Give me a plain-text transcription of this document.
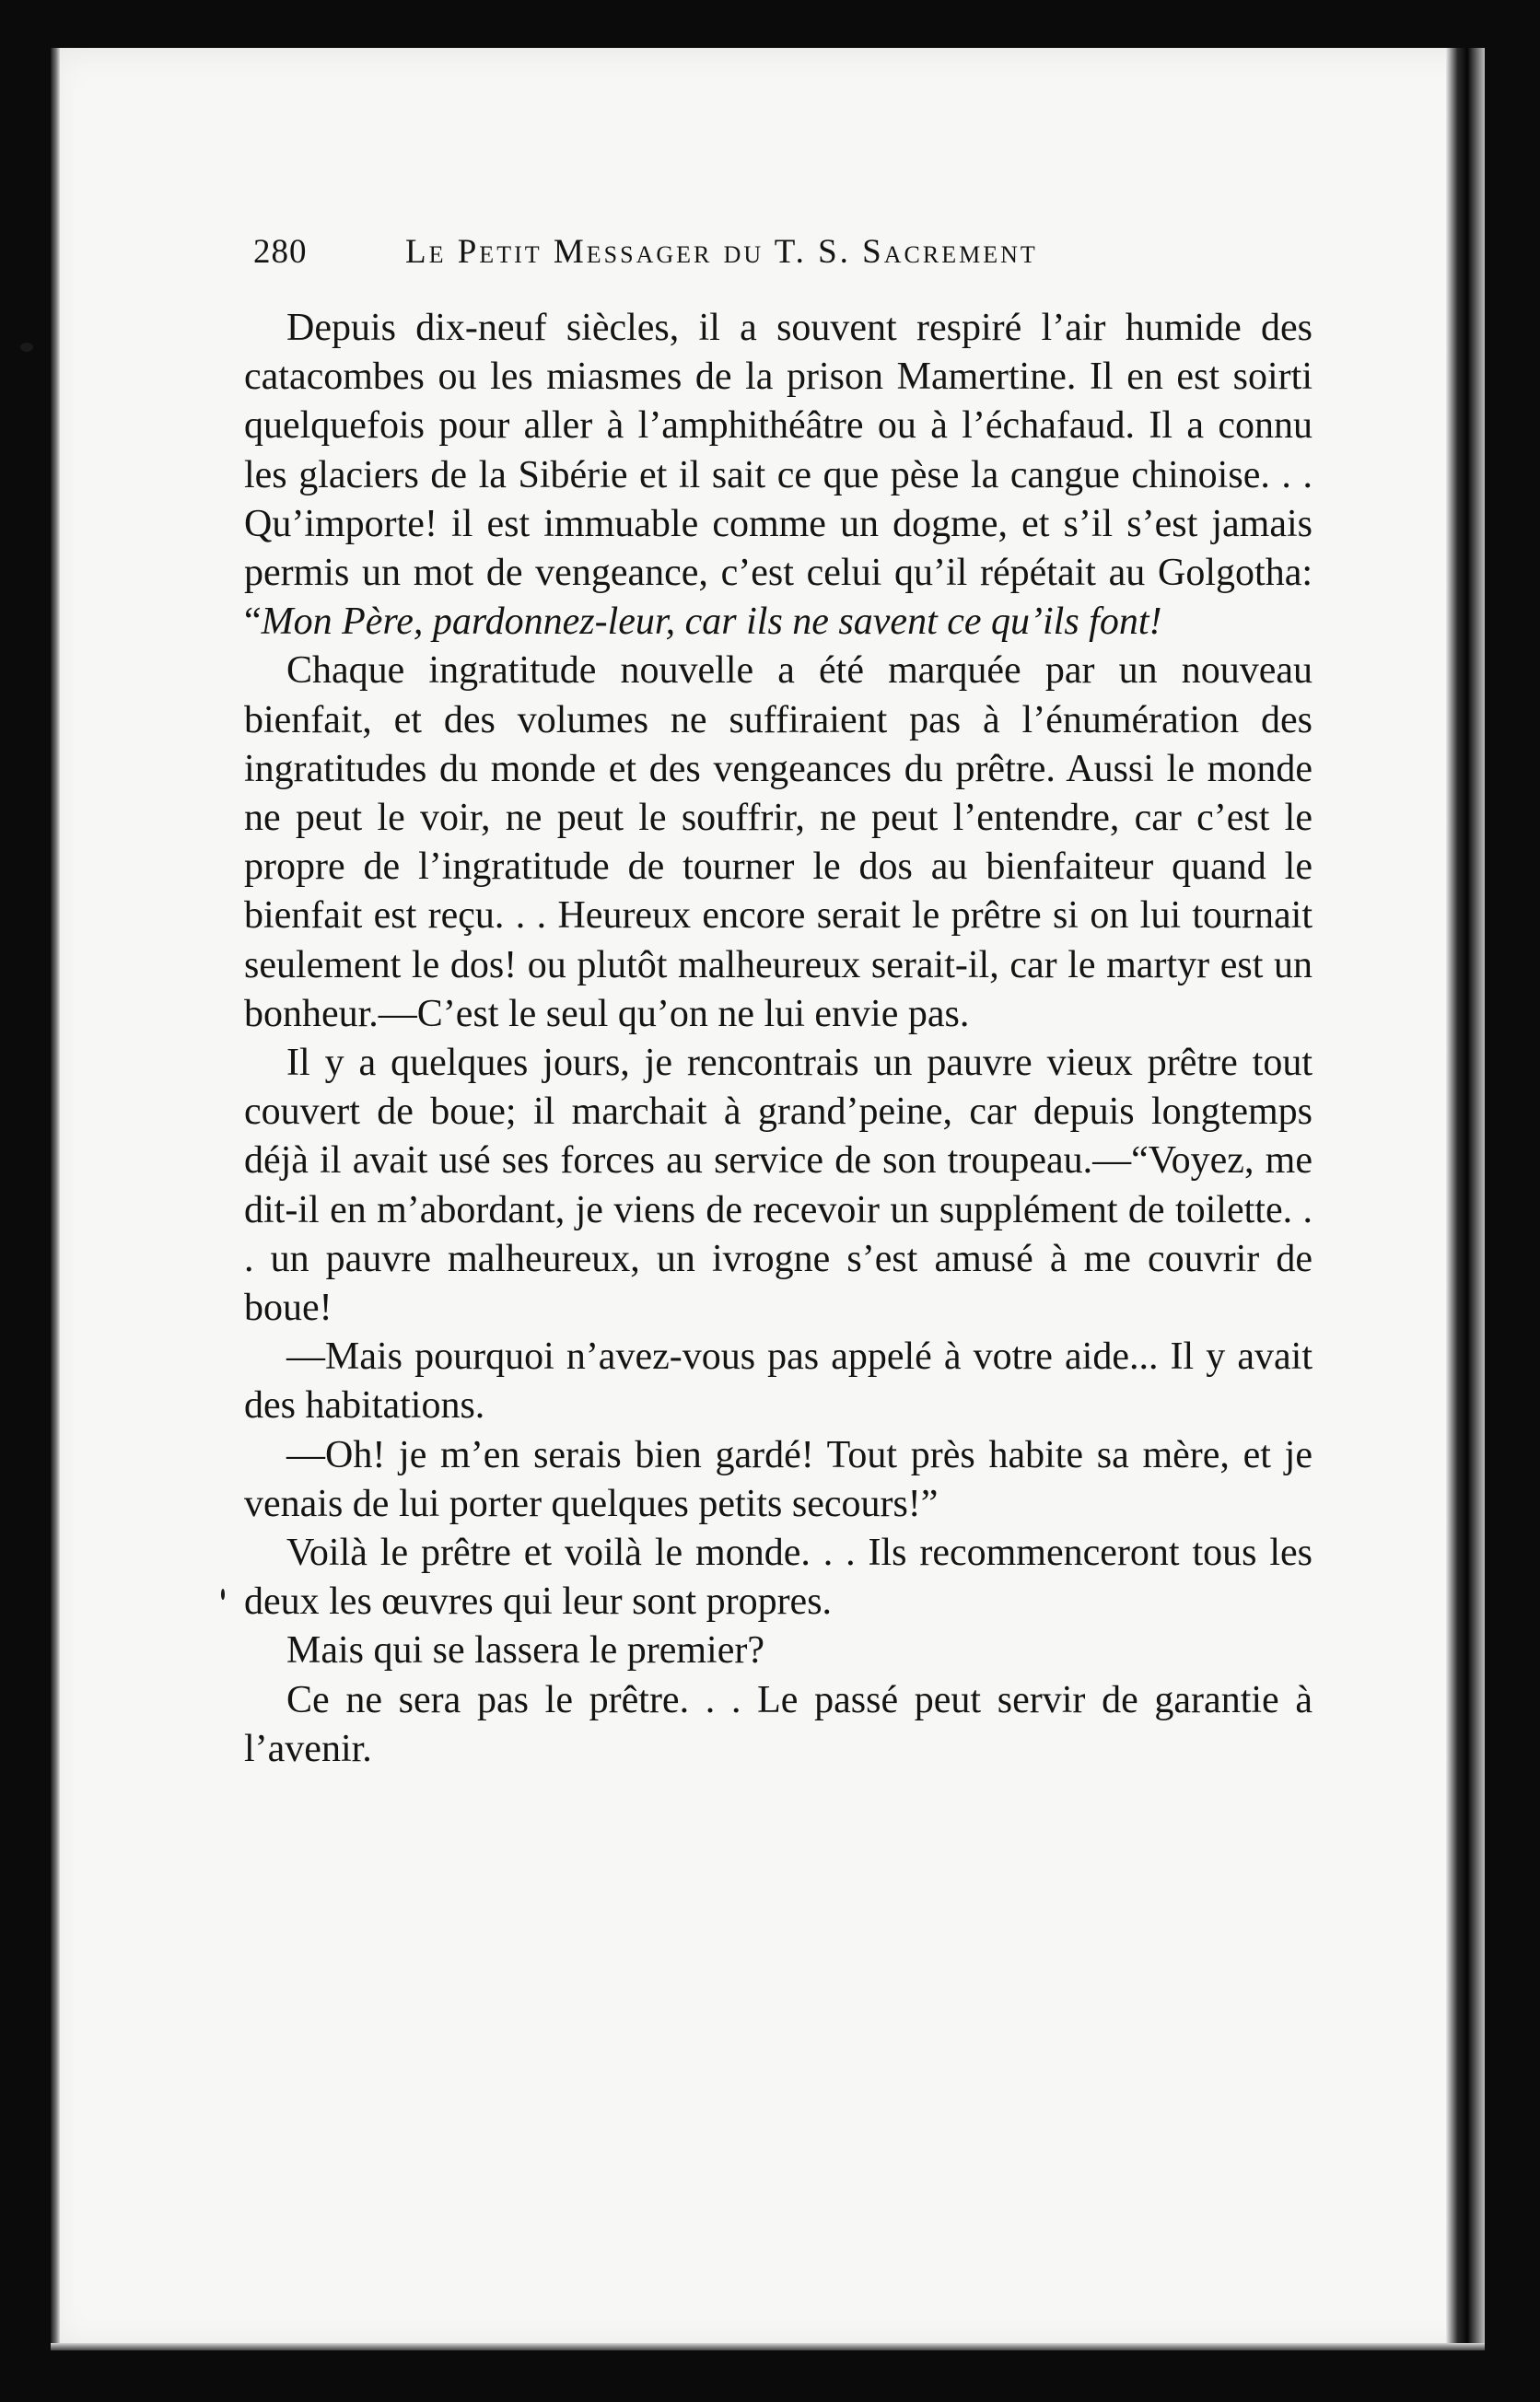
280	Le Petit Messager du T. S. Sacrement

Depuis dix-neuf siècles, il a souvent respiré l’air humide des catacombes ou les miasmes de la prison Mamertine. Il en est soirti quelquefois pour aller à l’amphithéâtre ou à l’échafaud. Il a connu les glaciers de la Sibérie et il sait ce que pèse la cangue chinoise. . . Qu’importe! il est immuable comme un dogme, et s’il s’est jamais permis un mot de vengeance, c’est celui qu’il répétait au Golgotha: “Mon Père, pardonnez-leur, car ils ne savent ce qu’ils font!

Chaque ingratitude nouvelle a été marquée par un nouveau bienfait, et des volumes ne suffiraient pas à l’énumération des ingratitudes du monde et des vengeances du prêtre. Aussi le monde ne peut le voir, ne peut le souffrir, ne peut l’entendre, car c’est le propre de l’ingratitude de tourner le dos au bienfaiteur quand le bienfait est reçu. . . Heureux encore serait le prêtre si on lui tournait seulement le dos! ou plutôt malheureux serait-il, car le martyr est un bonheur.—C’est le seul qu’on ne lui envie pas.

Il y a quelques jours, je rencontrais un pauvre vieux prêtre tout couvert de boue; il marchait à grand’peine, car depuis longtemps déjà il avait usé ses forces au service de son troupeau.—“Voyez, me dit-il en m’abordant, je viens de recevoir un supplément de toilette. . . un pauvre malheureux, un ivrogne s’est amusé à me couvrir de boue!

—Mais pourquoi n’avez-vous pas appelé à votre aide... Il y avait des habitations.

—Oh! je m’en serais bien gardé! Tout près habite sa mère, et je venais de lui porter quelques petits secours!”

Voilà le prêtre et voilà le monde. . . Ils recommenceront tous les deux les œuvres qui leur sont propres.

Mais qui se lassera le premier?

Ce ne sera pas le prêtre. . . Le passé peut servir de garantie à l’avenir.
